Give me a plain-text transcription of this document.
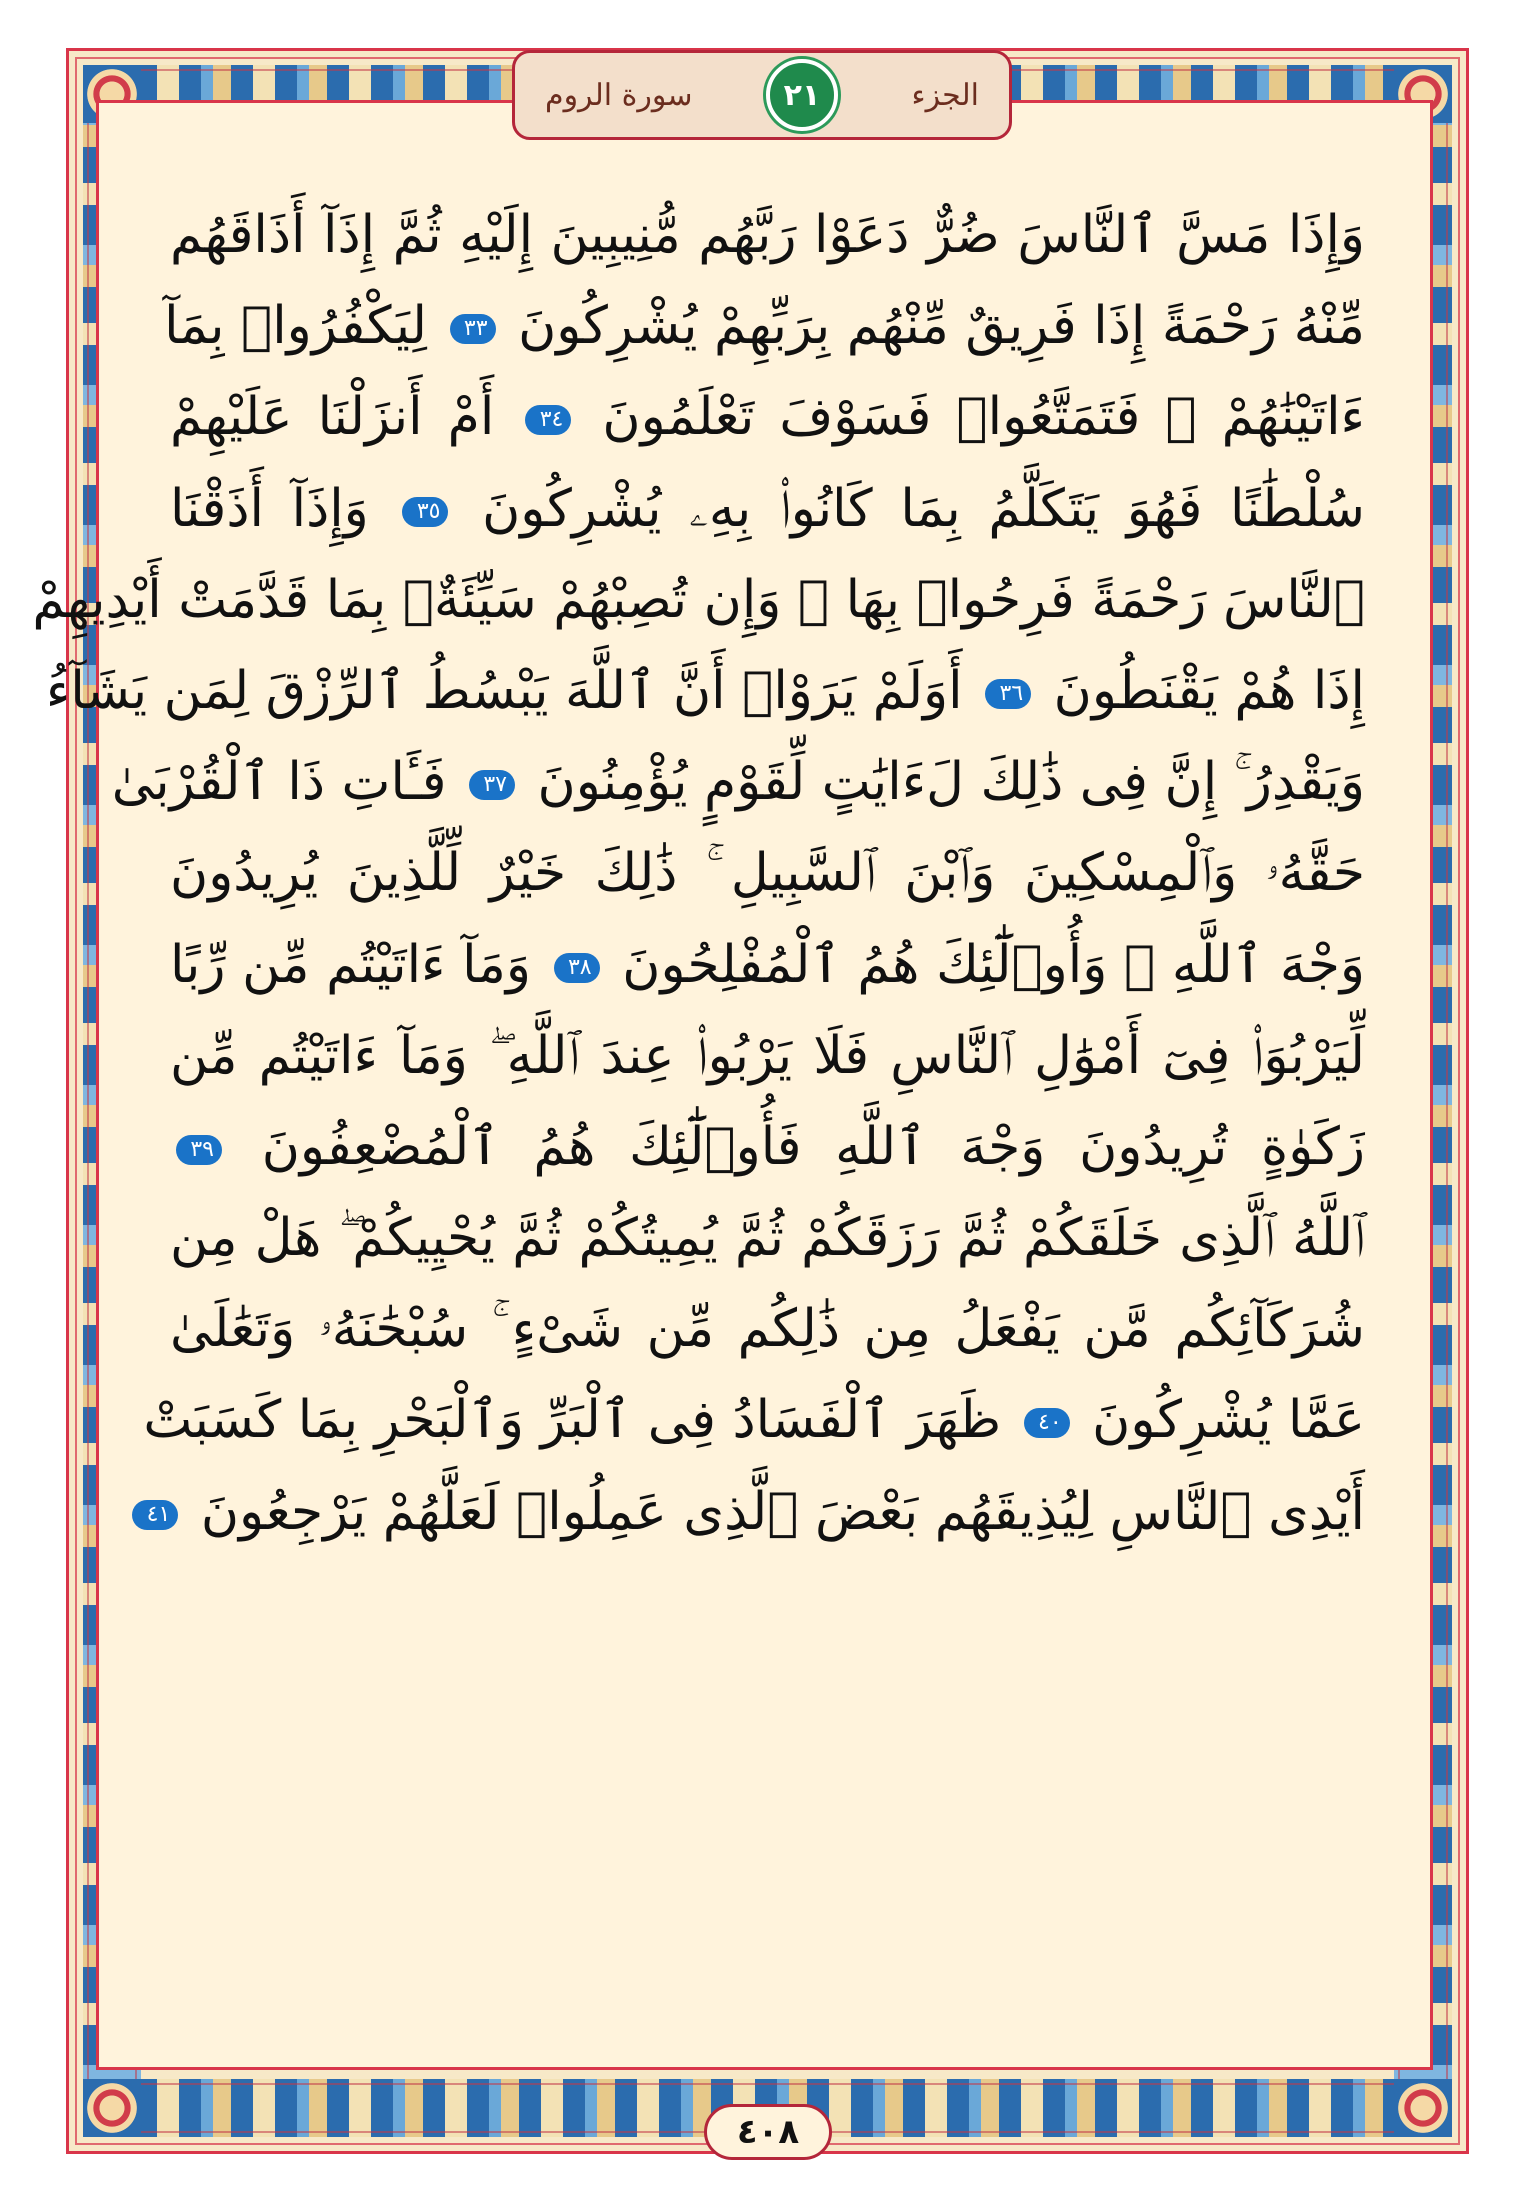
سورة الروم	٢١	الجزء
وَإِذَا مَسَّ ٱلنَّاسَ ضُرٌّ دَعَوْا رَبَّهُم مُّنِيبِينَ إِلَيْهِ ثُمَّ إِذَآ أَذَاقَهُم
مِّنْهُ رَحْمَةً إِذَا فَرِيقٌ مِّنْهُم بِرَبِّهِمْ يُشْرِكُونَ ٣٣ لِيَكْفُرُوا۟ بِمَآ
ءَاتَيْنَٰهُمْ ۚ فَتَمَتَّعُوا۟ فَسَوْفَ تَعْلَمُونَ ٣٤ أَمْ أَنزَلْنَا عَلَيْهِمْ
سُلْطَٰنًا فَهُوَ يَتَكَلَّمُ بِمَا كَانُوا۟ بِهِۦ يُشْرِكُونَ ٣٥ وَإِذَآ أَذَقْنَا
ٱلنَّاسَ رَحْمَةً فَرِحُوا۟ بِهَا ۖ وَإِن تُصِبْهُمْ سَيِّئَةٌۢ بِمَا قَدَّمَتْ أَيْدِيهِمْ
إِذَا هُمْ يَقْنَطُونَ ٣٦ أَوَلَمْ يَرَوْا۟ أَنَّ ٱللَّهَ يَبْسُطُ ٱلرِّزْقَ لِمَن يَشَآءُ
وَيَقْدِرُ ۚ إِنَّ فِى ذَٰلِكَ لَءَايَٰتٍ لِّقَوْمٍ يُؤْمِنُونَ ٣٧ فَـَٔاتِ ذَا ٱلْقُرْبَىٰ
حَقَّهُۥ وَٱلْمِسْكِينَ وَٱبْنَ ٱلسَّبِيلِ ۚ ذَٰلِكَ خَيْرٌ لِّلَّذِينَ يُرِيدُونَ
وَجْهَ ٱللَّهِ ۖ وَأُو۟لَٰٓئِكَ هُمُ ٱلْمُفْلِحُونَ ٣٨ وَمَآ ءَاتَيْتُم مِّن رِّبًا
لِّيَرْبُوَا۟ فِىٓ أَمْوَٰلِ ٱلنَّاسِ فَلَا يَرْبُوا۟ عِندَ ٱللَّهِ ۖ وَمَآ ءَاتَيْتُم مِّن
زَكَوٰةٍ تُرِيدُونَ وَجْهَ ٱللَّهِ فَأُو۟لَٰٓئِكَ هُمُ ٱلْمُضْعِفُونَ ٣٩
ٱللَّهُ ٱلَّذِى خَلَقَكُمْ ثُمَّ رَزَقَكُمْ ثُمَّ يُمِيتُكُمْ ثُمَّ يُحْيِيكُمْ ۖ هَلْ مِن
شُرَكَآئِكُم مَّن يَفْعَلُ مِن ذَٰلِكُم مِّن شَىْءٍ ۚ سُبْحَٰنَهُۥ وَتَعَٰلَىٰ
عَمَّا يُشْرِكُونَ ٤٠ ظَهَرَ ٱلْفَسَادُ فِى ٱلْبَرِّ وَٱلْبَحْرِ بِمَا كَسَبَتْ
أَيْدِى ٱلنَّاسِ لِيُذِيقَهُم بَعْضَ ٱلَّذِى عَمِلُوا۟ لَعَلَّهُمْ يَرْجِعُونَ ٤١
٤٠٨
